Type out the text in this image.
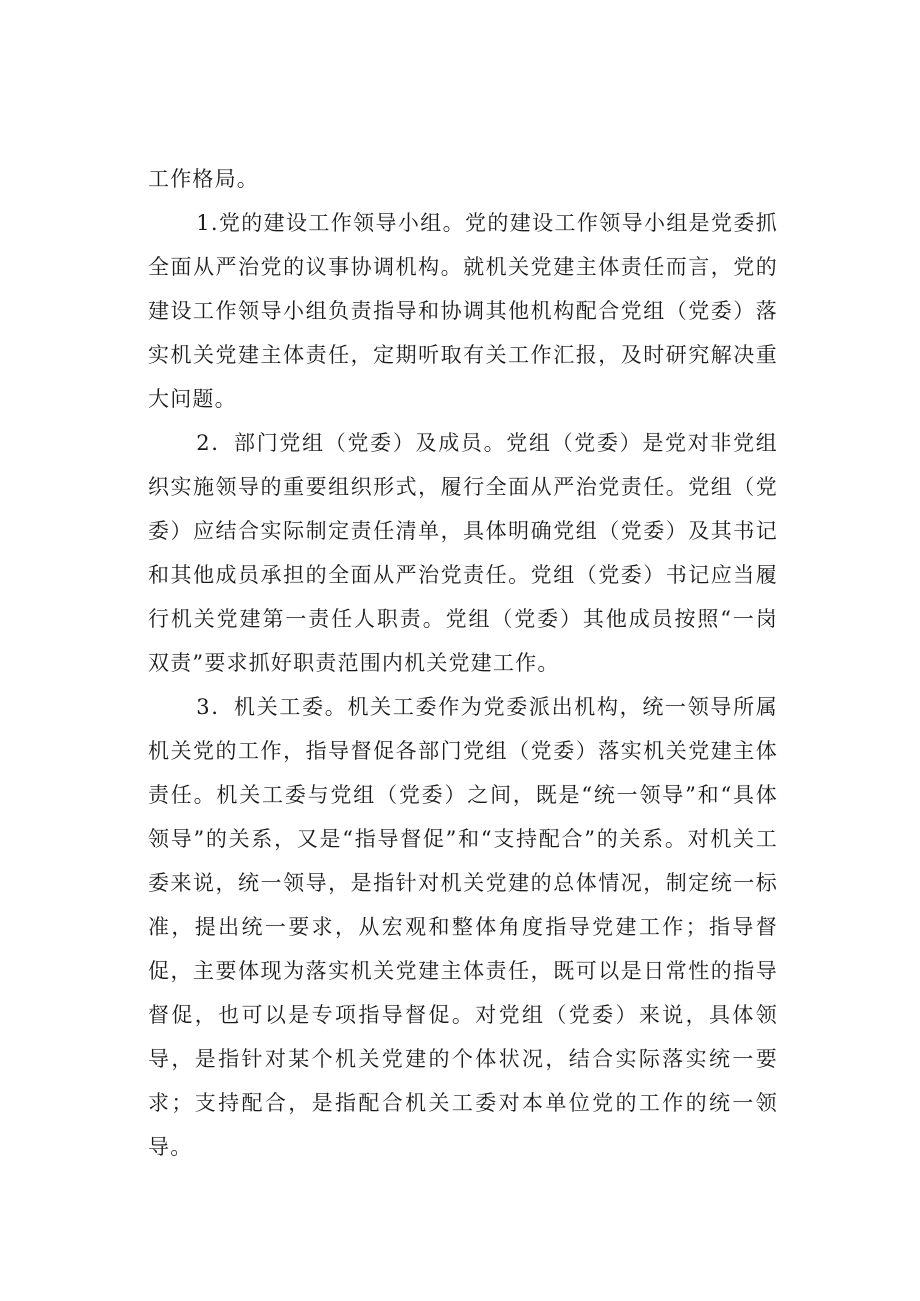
工作格局。

1.党的建设工作领导小组。党的建设工作领导小组是党委抓全面从严治党的议事协调机构。就机关党建主体责任而言，党的建设工作领导小组负责指导和协调其他机构配合党组（党委）落实机关党建主体责任，定期听取有关工作汇报，及时研究解决重大问题。

2．部门党组（党委）及成员。党组（党委）是党对非党组织实施领导的重要组织形式，履行全面从严治党责任。党组（党委）应结合实际制定责任清单，具体明确党组（党委）及其书记和其他成员承担的全面从严治党责任。党组（党委）书记应当履行机关党建第一责任人职责。党组（党委）其他成员按照“一岗双责”要求抓好职责范围内机关党建工作。

3．机关工委。机关工委作为党委派出机构，统一领导所属机关党的工作，指导督促各部门党组（党委）落实机关党建主体责任。机关工委与党组（党委）之间，既是“统一领导”和“具体领导”的关系，又是“指导督促”和“支持配合”的关系。对机关工委来说，统一领导，是指针对机关党建的总体情况，制定统一标准，提出统一要求，从宏观和整体角度指导党建工作；指导督促，主要体现为落实机关党建主体责任，既可以是日常性的指导督促，也可以是专项指导督促。对党组（党委）来说，具体领导，是指针对某个机关党建的个体状况，结合实际落实统一要求；支持配合，是指配合机关工委对本单位党的工作的统一领导。
